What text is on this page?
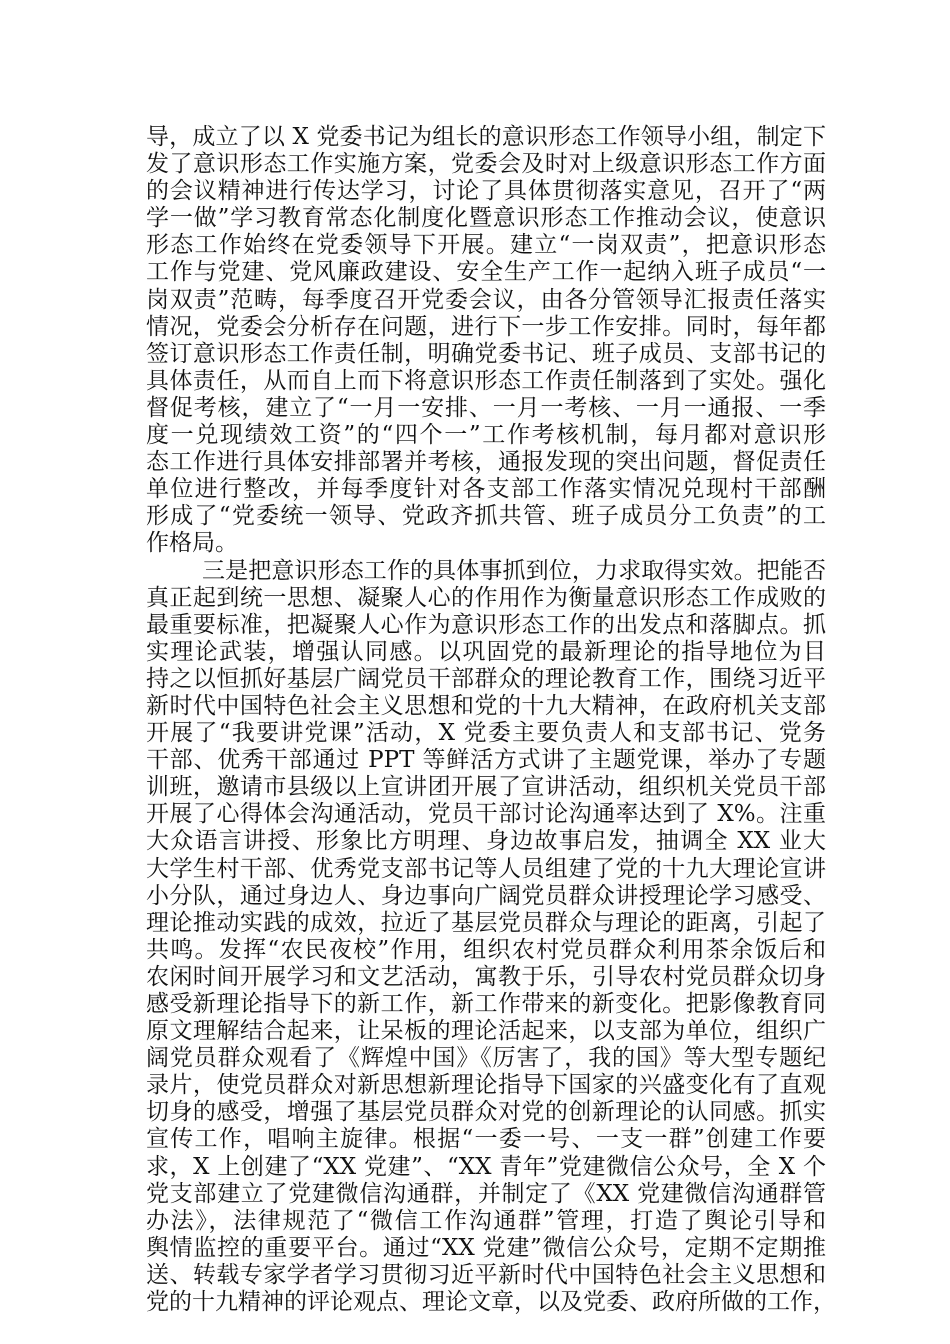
导，成立了以 X 党委书记为组长的意识形态工作领导小组，制定下
发了意识形态工作实施方案，党委会及时对上级意识形态工作方面
的会议精神进行传达学习，讨论了具体贯彻落实意见，召开了“两
学一做”学习教育常态化制度化暨意识形态工作推动会议，使意识
形态工作始终在党委领导下开展。建立“一岗双责”，把意识形态
工作与党建、党风廉政建设、安全生产工作一起纳入班子成员“一
岗双责”范畴，每季度召开党委会议，由各分管领导汇报责任落实
情况，党委会分析存在问题，进行下一步工作安排。同时，每年都
签订意识形态工作责任制，明确党委书记、班子成员、支部书记的
具体责任，从而自上而下将意识形态工作责任制落到了实处。强化
督促考核，建立了“一月一安排、一月一考核、一月一通报、一季
度一兑现绩效工资”的“四个一”工作考核机制，每月都对意识形
态工作进行具体安排部署并考核，通报发现的突出问题，督促责任
单位进行整改，并每季度针对各支部工作落实情况兑现村干部酬
形成了“党委统一领导、党政齐抓共管、班子成员分工负责”的工
作格局。
三是把意识形态工作的具体事抓到位，力求取得实效。把能否
真正起到统一思想、凝聚人心的作用作为衡量意识形态工作成败的
最重要标准，把凝聚人心作为意识形态工作的出发点和落脚点。抓
实理论武装，增强认同感。以巩固党的最新理论的指导地位为目
持之以恒抓好基层广阔党员干部群众的理论教育工作，围绕习近平
新时代中国特色社会主义思想和党的十九大精神，在政府机关支部
开展了“我要讲党课”活动，X 党委主要负责人和支部书记、党务
干部、优秀干部通过 PPT 等鲜活方式讲了主题党课，举办了专题
训班，邀请市县级以上宣讲团开展了宣讲活动，组织机关党员干部
开展了心得体会沟通活动，党员干部讨论沟通率达到了 X%。注重
大众语言讲授、形象比方明理、身边故事启发，抽调全 XX 业大
大学生村干部、优秀党支部书记等人员组建了党的十九大理论宣讲
小分队，通过身边人、身边事向广阔党员群众讲授理论学习感受、
理论推动实践的成效，拉近了基层党员群众与理论的距离，引起了
共鸣。发挥“农民夜校”作用，组织农村党员群众利用茶余饭后和
农闲时间开展学习和文艺活动，寓教于乐，引导农村党员群众切身
感受新理论指导下的新工作，新工作带来的新变化。把影像教育同
原文理解结合起来，让呆板的理论活起来，以支部为单位，组织广
阔党员群众观看了《辉煌中国》《厉害了，我的国》等大型专题纪
录片，使党员群众对新思想新理论指导下国家的兴盛变化有了直观
切身的感受，增强了基层党员群众对党的创新理论的认同感。抓实
宣传工作，唱响主旋律。根据“一委一号、一支一群”创建工作要
求，X 上创建了“XX 党建”、“XX 青年”党建微信公众号，全 X 个
党支部建立了党建微信沟通群，并制定了《XX 党建微信沟通群管
办法》，法律规范了“微信工作沟通群”管理，打造了舆论引导和
舆情监控的重要平台。通过“XX 党建”微信公众号，定期不定期推
送、转载专家学者学习贯彻习近平新时代中国特色社会主义思想和
党的十九精神的评论观点、理论文章，以及党委、政府所做的工作，
